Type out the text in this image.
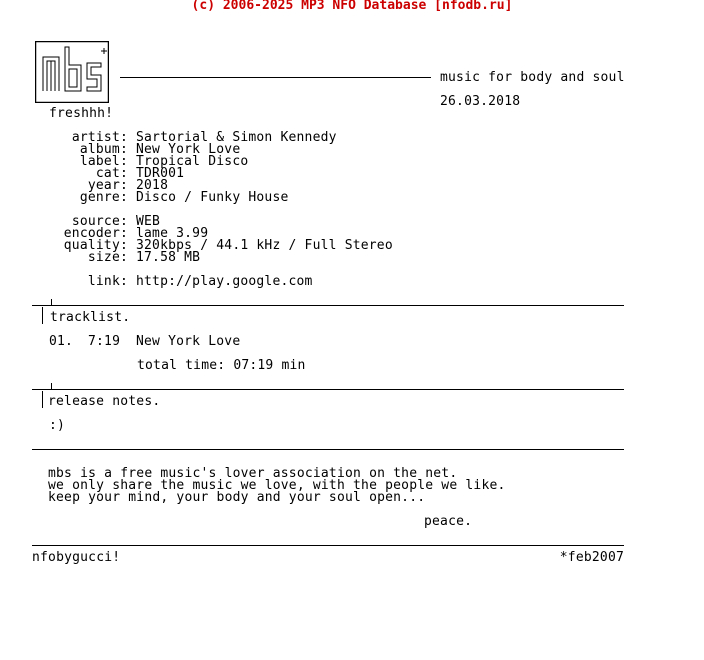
(c) 2006-2025 MP3 NFO Database [nfodb.ru]
music for body and soul
26.03.2018
freshhh!
artist: Sartorial & Simon Kennedy
album: New York Love
label: Tropical Disco
cat: TDR001
year: 2018
genre: Disco / Funky House
source: WEB
encoder: lame 3.99
quality: 320kbps / 44.1 kHz / Full Stereo
size: 17.58 MB
link: http://play.google.com
tracklist.
01. 7:19 New York Love
total time: 07:19 min
release notes.
:)
mbs is a free music's lover association on the net.
we only share the music we love, with the people we like.
keep your mind, your body and your soul open...
peace.
nfobygucci!	*feb2007
